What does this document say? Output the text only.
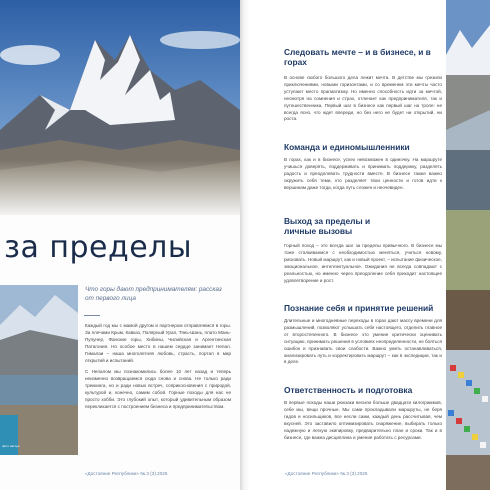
за пределы
фото автора
Что горы дают предпринимателям: рассказ от первого лица

Каждый год мы с мамой другом и партнером отправляемся в горы. За плечами Крым, Кавказ, Полярный Урал, Тянь-Шань, плато Мань-Пупунер, Фанские горы, Хибины, Чилийская и Аргентинская Патагония. Но особое место в нашем сердце занимает Непал. Гималаи – наша многолетняя любовь, страсть, портал в мир открытий и испытаний.

С Непалом мы познакомились более 10 лет назад и теперь неизменно возвращаемся сюда снова и снова. Не только ради треккинга, но и ради новых встреч, соприкосновения с природой, культурой и, конечно, самим собой. Горные походы для нас не просто хобби. Это глубокий опыт, который удивительным образом перекликается с построением бизнеса и предпринимательством.

«Достояние Республики» № 3 (3) 2025
Следовать мечте – и в бизнесе, и в горах
В основе любого большого дела лежит мечта. В детстве мы грезили приключениями, новыми горизонтами, и со временем эти мечты часто уступают место прагматизму. Но именно способность идти за мечтой, несмотря на сомнения и страх, отличает как предпринимателя, так и путешественника. Первый шаг в бизнесе как первый шаг на тропе: не всегда ясно, что ждет впереди, но без него не будет ни открытий, ни роста.
Команда и единомышленники
В горах, как и в бизнесе, успех невозможен в одиночку. На маршруте учишься доверять, поддерживать и принимать поддержку, разделять радость и преодолевать трудности вместе. В бизнесе также важно окружить себя теми, кто разделяет твои ценности и готов идти к вершинам даже тогда, когда путь сложен и неочевиден.
Выход за пределы и личные вызовы
Горный поход – это всегда шаг за пределы привычного. В бизнесе мы тоже сталкиваемся с необходимостью меняться, учиться новому, рисковать. Новый маршрут, как и новый проект, – испытание физическое, эмоциональное, интеллектуальное. Ожидания не всегда совпадают с реальностью, но именно через преодоление себя приходит настоящее удовлетворение и рост.
Познание себя и принятие решений
Длительные и многодневные переходы в горах дают массу времени для размышлений, позволяют услышать себя настоящего, отделить главное от второстепенного. В бизнесе это умение критически оценивать ситуацию, принимать решения в условиях неопределенности, не бояться ошибок и признавать свои слабости. Важно уметь останавливаться, анализировать путь и корректировать маршрут – как в экспедиции, так и в деле.
Ответственность и подготовка
В первые походы наши рюкзаки весили больше двадцати килограммов, себе мы, вещи прочные. Мы сами прокладывали маршруты, не беря гидов и носильщиков, все несли сами, каждый день рассчитывая, чем вкусней. Это заставило оптимизировать снаряжение, выбирать только надежную и легкую экипировку, предварительно план и сроки. Так и в бизнесе, где важна дисциплина и умение работать с ресурсами.
«Достояние Республики» № 3 (3) 2025
